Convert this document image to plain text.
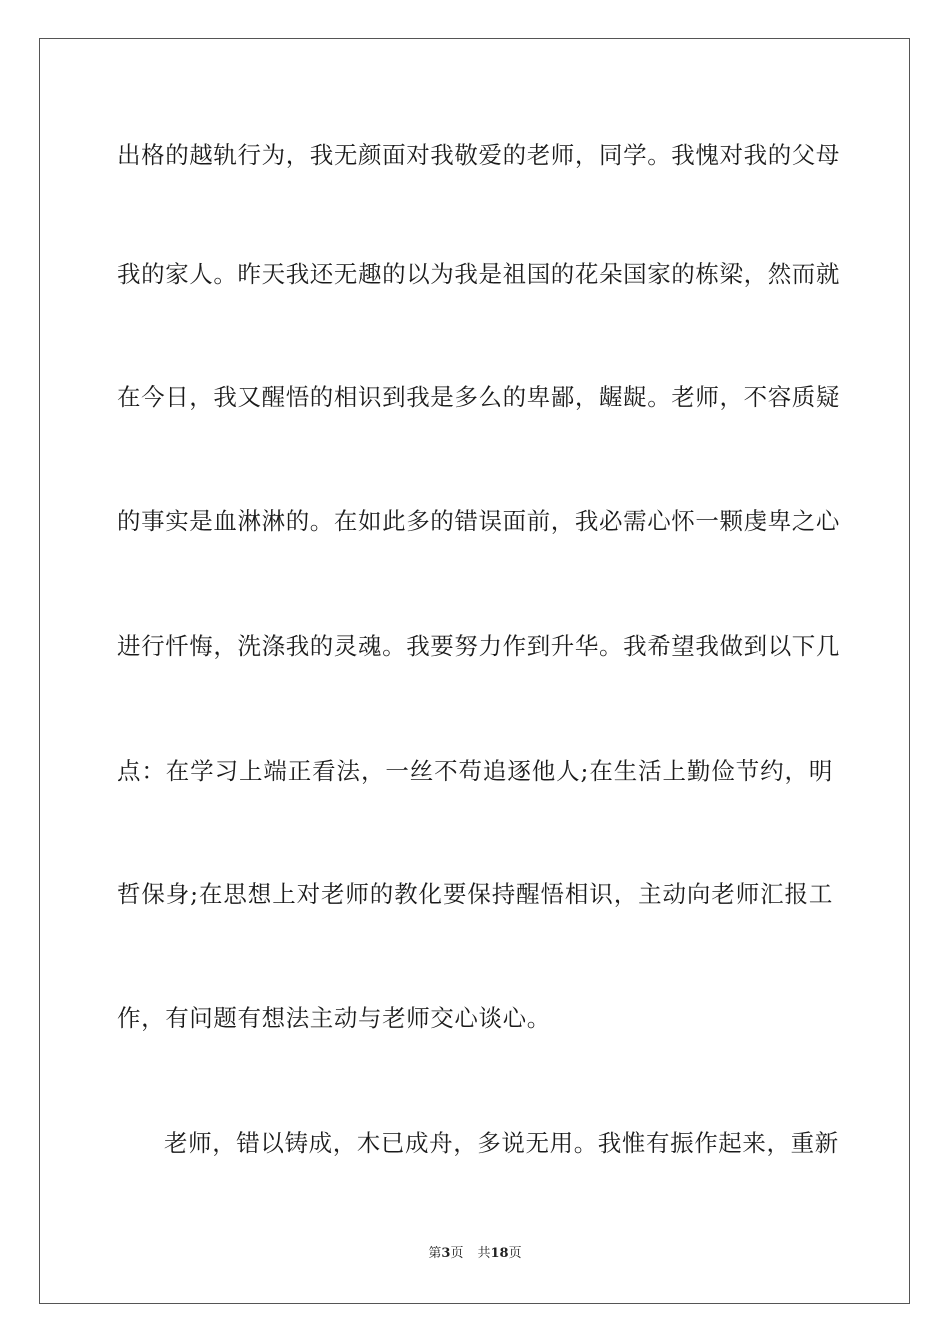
出格的越轨行为，我无颜面对我敬爱的老师，同学。我愧对我的父母
我的家人。昨天我还无趣的以为我是祖国的花朵国家的栋梁，然而就
在今日，我又醒悟的相识到我是多么的卑鄙，龌龊。老师，不容质疑
的事实是血淋淋的。在如此多的错误面前，我必需心怀一颗虔卑之心
进行忏悔，洗涤我的灵魂。我要努力作到升华。我希望我做到以下几
点：在学习上端正看法，一丝不苟追逐他人;在生活上勤俭节约，明
哲保身;在思想上对老师的教化要保持醒悟相识，主动向老师汇报工
作，有问题有想法主动与老师交心谈心。
老师，错以铸成，木已成舟，多说无用。我惟有振作起来，重新
第3页 共18页
